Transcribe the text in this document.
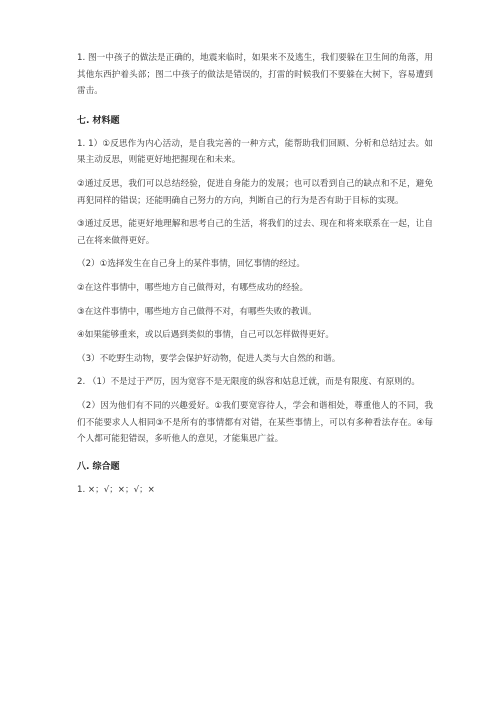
1. 图一中孩子的做法是正确的，地震来临时，如果来不及逃生，我们要躲在卫生间的角落，用其他东西护着头部；图二中孩子的做法是错误的，打雷的时候我们不要躲在大树下，容易遭到雷击。

七. 材料题

1. 1）①反思作为内心活动，是自我完善的一种方式，能帮助我们回顾、分析和总结过去。如果主动反思，则能更好地把握现在和未来。

②通过反思，我们可以总结经验，促进自身能力的发展；也可以看到自己的缺点和不足，避免再犯同样的错误；还能明确自己努力的方向，判断自己的行为是否有助于目标的实现。

③通过反思，能更好地理解和思考自己的生活，将我们的过去、现在和将来联系在一起，让自己在将来做得更好。

（2）①选择发生在自己身上的某件事情，回忆事情的经过。

②在这件事情中，哪些地方自己做得对，有哪些成功的经验。

③在这件事情中，哪些地方自己做得不对，有哪些失败的教训。

④如果能够重来，或以后遇到类似的事情，自己可以怎样做得更好。

（3）不吃野生动物，要学会保护好动物，促进人类与大自然的和谐。

2. （1）不是过于严厉，因为宽容不是无限度的纵容和姑息迁就，而是有限度、有原则的。

（2）因为他们有不同的兴趣爱好。①我们要宽容待人，学会和谐相处，尊重他人的不同，我们不能要求人人相同③不是所有的事情都有对错，在某些事情上，可以有多种看法存在。④每个人都可能犯错误，多听他人的意见，才能集思广益。

八. 综合题

1. ×；√；×；√；×
